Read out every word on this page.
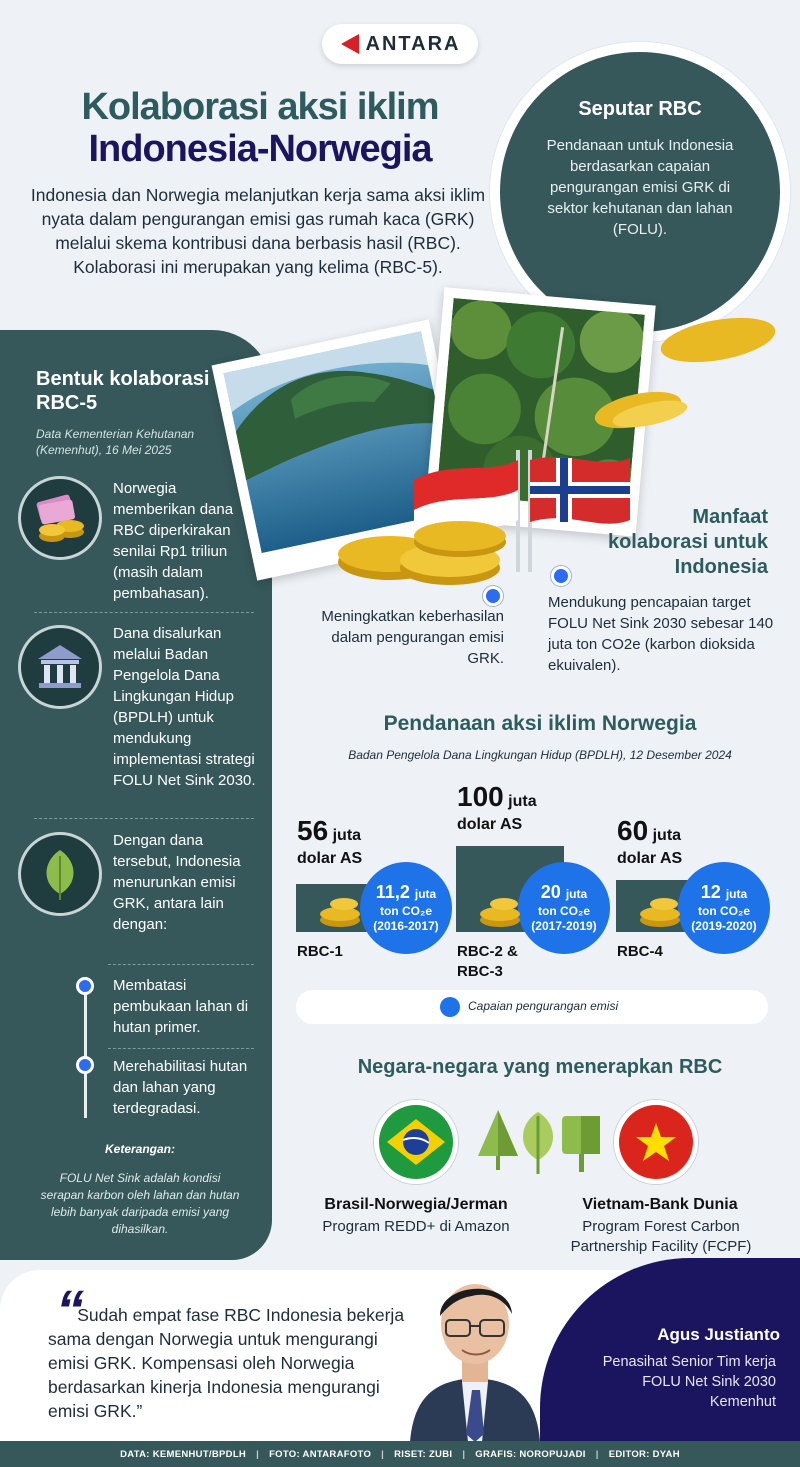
ANTARA
Kolaborasi aksi iklim
Indonesia-Norwegia
Indonesia dan Norwegia melanjutkan kerja sama aksi iklim nyata dalam pengurangan emisi gas rumah kaca (GRK) melalui skema kontribusi dana berbasis hasil (RBC). Kolaborasi ini merupakan yang kelima (RBC-5).
Seputar RBC
Pendanaan untuk Indonesia berdasarkan capaian pengurangan emisi GRK di sektor kehutanan dan lahan (FOLU).
Bentuk kolaborasi RBC-5
Data Kementerian Kehutanan (Kemenhut), 16 Mei 2025
Norwegia memberikan dana RBC diperkirakan senilai Rp1 triliun (masih dalam pembahasan).
Dana disalurkan melalui Badan Pengelola Dana Lingkungan Hidup (BPDLH) untuk mendukung implementasi strategi FOLU Net Sink 2030.
Dengan dana tersebut, Indonesia menurunkan emisi GRK, antara lain dengan:
Membatasi pembukaan lahan di hutan primer.
Merehabilitasi hutan dan lahan yang terdegradasi.
Keterangan:
FOLU Net Sink adalah kondisi serapan karbon oleh lahan dan hutan lebih banyak daripada emisi yang dihasilkan.
Manfaat kolaborasi untuk Indonesia
Meningkatkan keberhasilan dalam pengurangan emisi GRK.
Mendukung pencapaian target FOLU Net Sink 2030 sebesar 140 juta ton CO2e (karbon dioksida ekuivalen).
Pendanaan aksi iklim Norwegia
Badan Pengelola Dana Lingkungan Hidup (BPDLH), 12 Desember 2024
56 juta
dolar AS
RBC-1
11,2 juta
ton CO₂e
(2016-2017)
100 juta
dolar AS
RBC-2 & RBC-3
20 juta
ton CO₂e
(2017-2019)
60 juta
dolar AS
RBC-4
12 juta
ton CO₂e
(2019-2020)
Capaian pengurangan emisi
Negara-negara yang menerapkan RBC
Brasil-Norwegia/Jerman
Program REDD+ di Amazon
Vietnam-Bank Dunia
Program Forest Carbon Partnership Facility (FCPF)
“
Sudah empat fase RBC Indonesia bekerja sama dengan Norwegia untuk mengurangi emisi GRK. Kompensasi oleh Norwegia berdasarkan kinerja Indonesia mengurangi emisi GRK.”
Agus Justianto
Penasihat Senior Tim kerja FOLU Net Sink 2030 Kemenhut
DATA: KEMENHUT/BPDLH | FOTO: ANTARAFOTO | RISET: ZUBI | GRAFIS: NOROPUJADI | EDITOR: DYAH
